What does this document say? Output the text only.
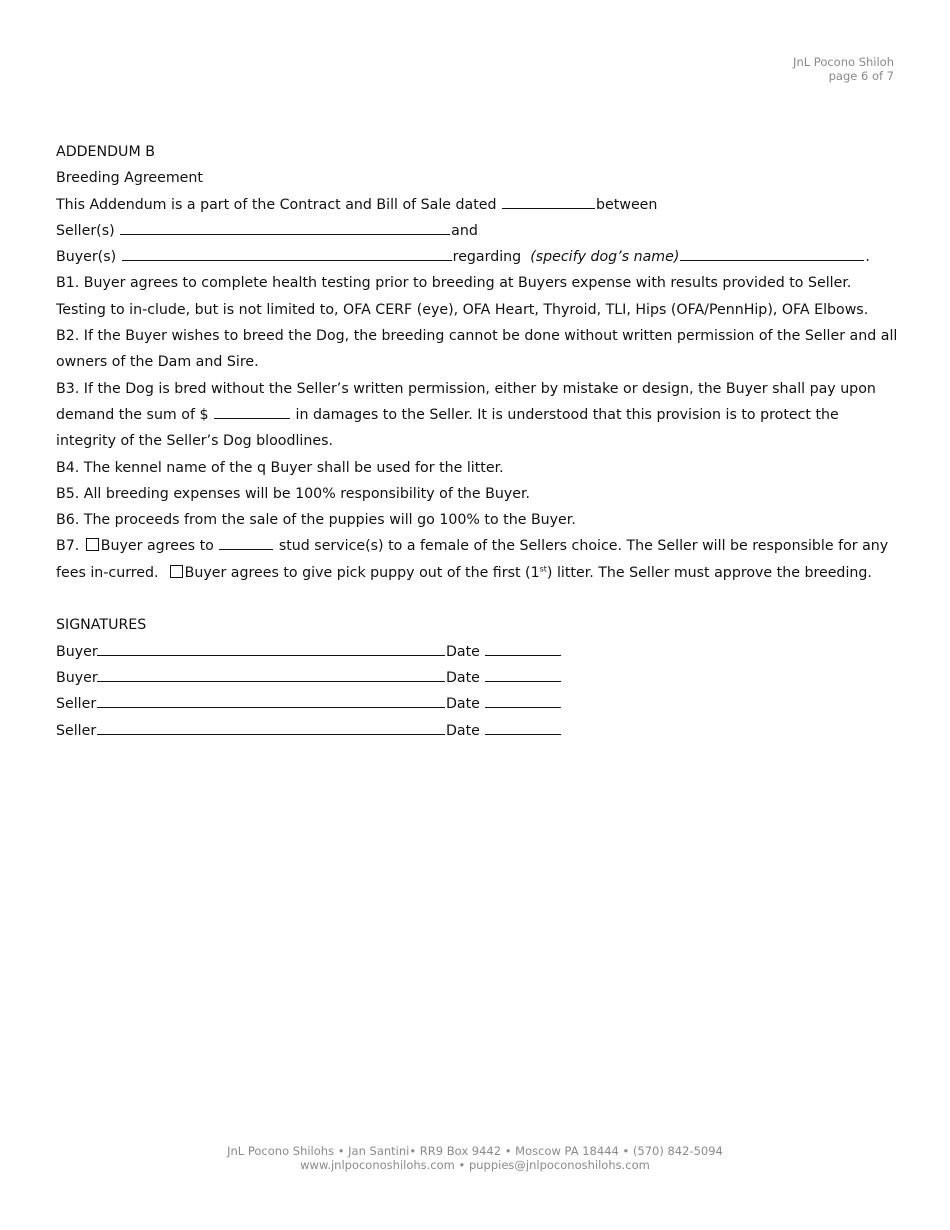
JnL Pocono Shiloh
page 6 of 7

ADDENDUM B

Breeding Agreement

This Addendum is a part of the Contract and Bill of Sale dated	between

Seller(s)	and

Buyer(s)	regarding (specify dog’s name)	.

B1. Buyer agrees to complete health testing prior to breeding at Buyers expense with results provided to Seller. Testing to in-clude, but is not limited to, OFA CERF (eye), OFA Heart, Thyroid, TLI, Hips (OFA/PennHip), OFA Elbows.

B2. If the Buyer wishes to breed the Dog, the breeding cannot be done without written permission of the Seller and all owners of the Dam and Sire.

B3. If the Dog is bred without the Seller’s written permission, either by mistake or design, the Buyer shall pay upon demand the sum of $	in damages to the Seller. It is understood that this provision is to protect the integrity of the Seller’s Dog bloodlines.

B4. The kennel name of the q Buyer shall be used for the litter.

B5. All breeding expenses will be 100% responsibility of the Buyer.

B6. The proceeds from the sale of the puppies will go 100% to the Buyer.

B7. Buyer agrees to	stud service(s) to a female of the Sellers choice. The Seller will be responsible for any fees in-curred. Buyer agrees to give pick puppy out of the first (1st) litter. The Seller must approve the breeding.

SIGNATURES

Buyer	Date

Buyer	Date

Seller	Date

Seller	Date

JnL Pocono Shilohs • Jan Santini• RR9 Box 9442 • Moscow PA 18444 • (570) 842-5094
www.jnlpoconoshilohs.com • puppies@jnlpoconoshilohs.com
